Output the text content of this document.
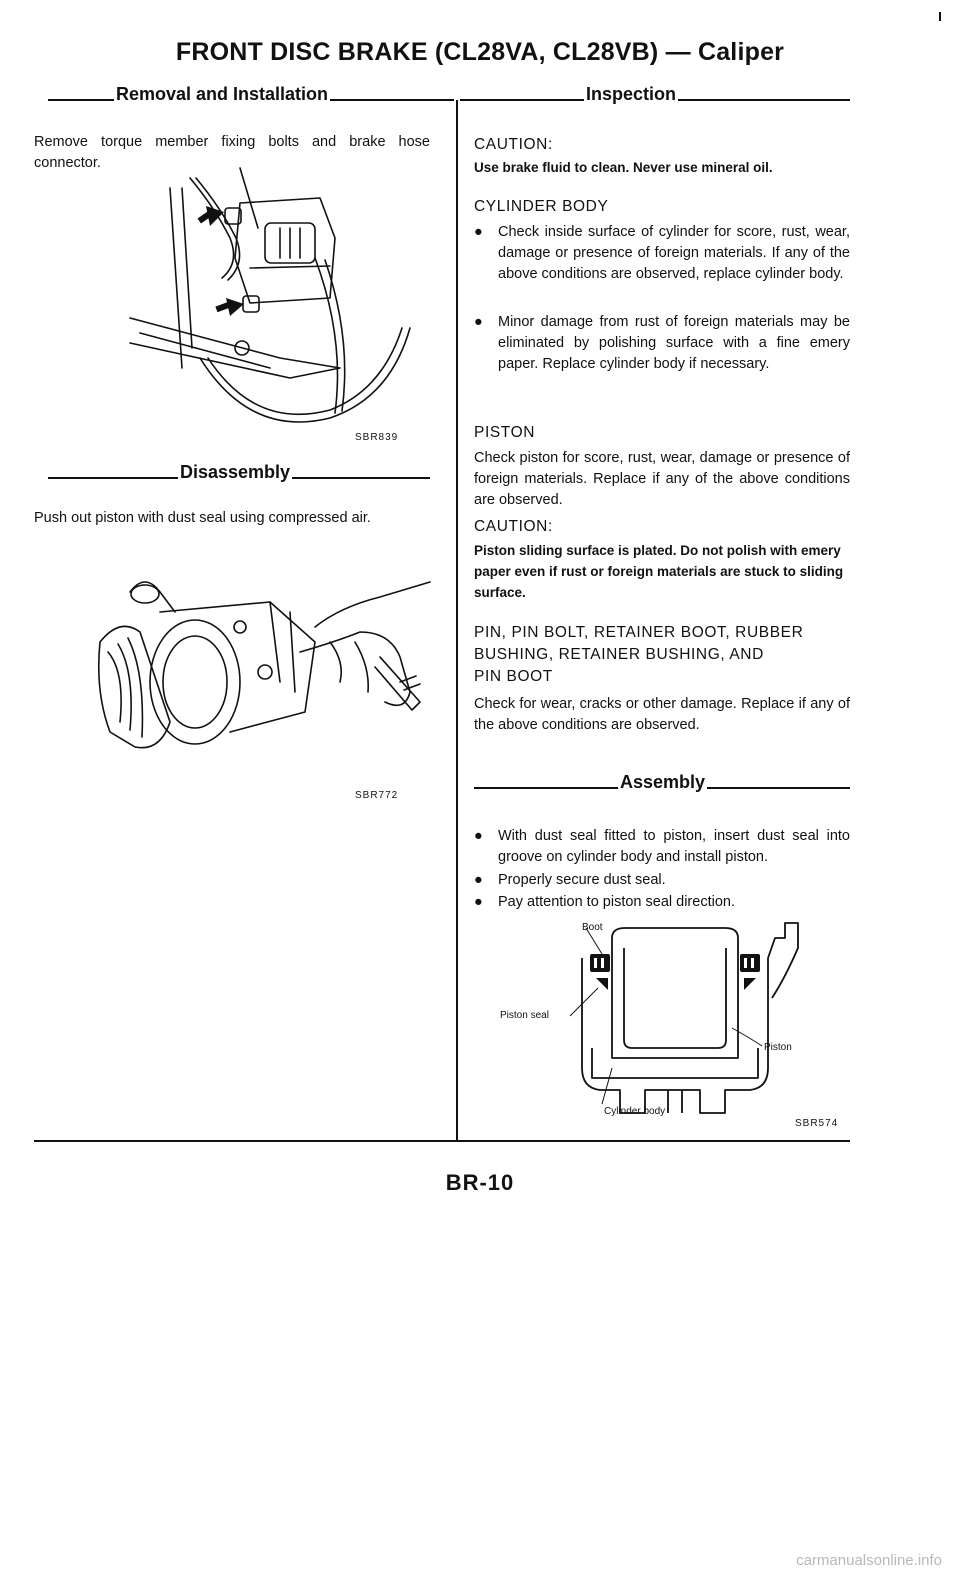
FRONT DISC BRAKE (CL28VA, CL28VB) — Caliper
Removal and Installation
Remove torque member fixing bolts and brake hose connector.
SBR839
Disassembly
Push out piston with dust seal using compressed air.
SBR772
Inspection
CAUTION:
Use brake fluid to clean. Never use mineral oil.
CYLINDER BODY
● Check inside surface of cylinder for score, rust, wear, damage or presence of foreign materials. If any of the above conditions are observed, replace cylinder body.
● Minor damage from rust of foreign materials may be eliminated by polishing surface with a fine emery paper. Replace cylinder body if necessary.
PISTON
Check piston for score, rust, wear, damage or presence of foreign materials. Replace if any of the above conditions are observed.
CAUTION:
Piston sliding surface is plated. Do not polish with emery paper even if rust or foreign materials are stuck to sliding surface.
PIN, PIN BOLT, RETAINER BOOT, RUBBER
BUSHING, RETAINER BUSHING, AND
PIN BOOT
Check for wear, cracks or other damage. Replace if any of the above conditions are observed.
Assembly
● With dust seal fitted to piston, insert dust seal into groove on cylinder body and install piston.
● Properly secure dust seal.
● Pay attention to piston seal direction.
Boot
Piston seal
Piston
Cylinder body
SBR574
BR-10
carmanualsonline.info
